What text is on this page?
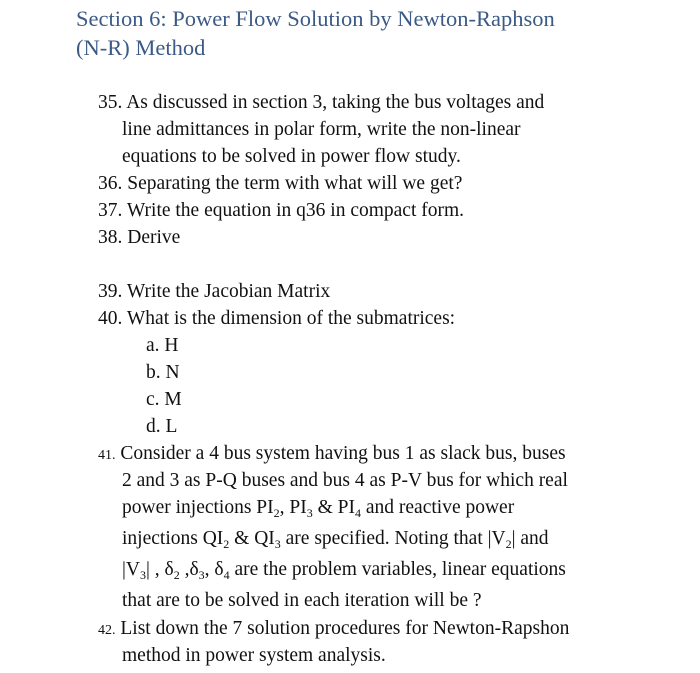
Section 6: Power Flow Solution by Newton-Raphson
(N-R) Method
35. As discussed in section 3, taking the bus voltages and
line admittances in polar form, write the non-linear
equations to be solved in power flow study.
36. Separating the term with what will we get?
37. Write the equation in q36 in compact form.
38. Derive
39. Write the Jacobian Matrix
40. What is the dimension of the submatrices:
a. H
b. N
c. M
d. L
41. Consider a 4 bus system having bus 1 as slack bus, buses
2 and 3 as P-Q buses and bus 4 as P-V bus for which real
power injections $PI_2$, $PI_3$ & $PI_4$ and reactive power
injections $QI_2$ & $QI_3$ are specified. Noting that $|V_2|$ and
$|V_3|$ , $\delta_2$ $,\delta_3$, $\delta_4$ are the problem variables, linear equations
that are to be solved in each iteration will be ?
42. List down the 7 solution procedures for Newton-Rapshon
method in power system analysis.
